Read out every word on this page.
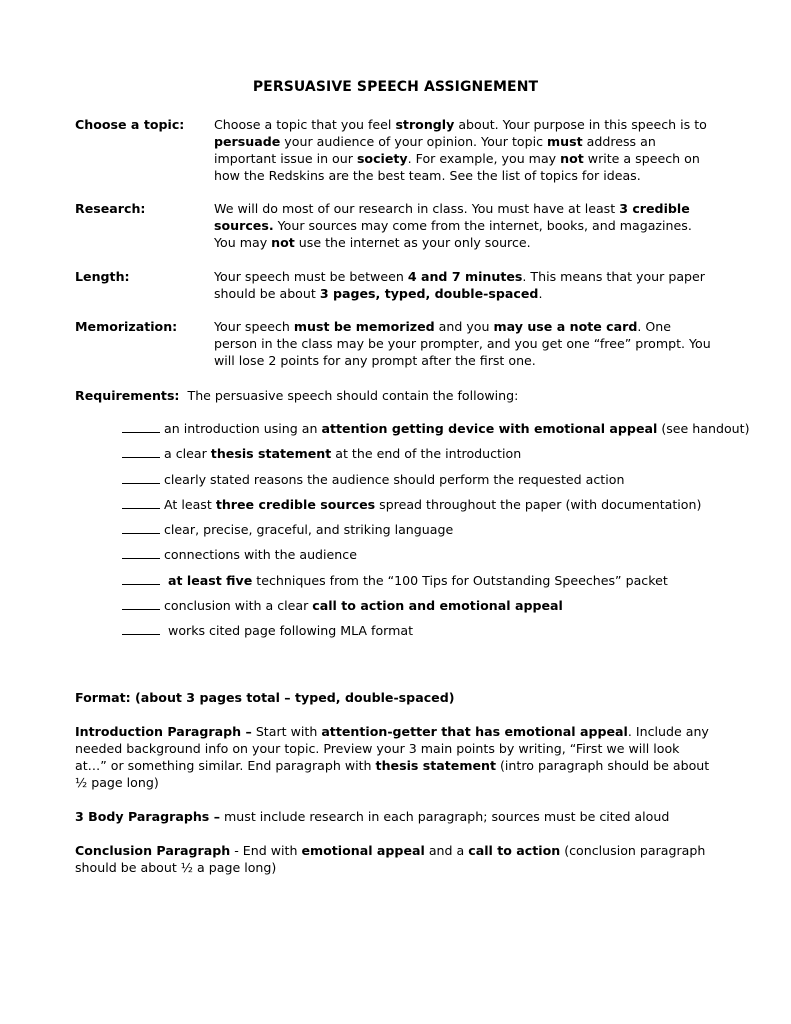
PERSUASIVE SPEECH ASSIGNEMENT
Choose a topic: Choose a topic that you feel strongly about. Your purpose in this speech is to persuade your audience of your opinion. Your topic must address an important issue in our society. For example, you may not write a speech on how the Redskins are the best team. See the list of topics for ideas.
Research:	We will do most of our research in class. You must have at least 3 credible sources. Your sources may come from the internet, books, and magazines. You may not use the internet as your only source.
Length:	Your speech must be between 4 and 7 minutes. This means that your paper should be about 3 pages, typed, double-spaced.
Memorization:	Your speech must be memorized and you may use a note card. One person in the class may be your prompter, and you get one “free” prompt. You will lose 2 points for any prompt after the first one.
Requirements: The persuasive speech should contain the following:
an introduction using an attention getting device with emotional appeal (see handout)
a clear thesis statement at the end of the introduction
clearly stated reasons the audience should perform the requested action
At least three credible sources spread throughout the paper (with documentation)
clear, precise, graceful, and striking language
connections with the audience
at least five techniques from the “100 Tips for Outstanding Speeches” packet
conclusion with a clear call to action and emotional appeal
works cited page following MLA format
Format: (about 3 pages total – typed, double-spaced)
Introduction Paragraph – Start with attention-getter that has emotional appeal. Include any needed background info on your topic. Preview your 3 main points by writing, “First we will look at…” or something similar. End paragraph with thesis statement (intro paragraph should be about ½ page long)
3 Body Paragraphs – must include research in each paragraph; sources must be cited aloud
Conclusion Paragraph - End with emotional appeal and a call to action (conclusion paragraph should be about ½ a page long)
